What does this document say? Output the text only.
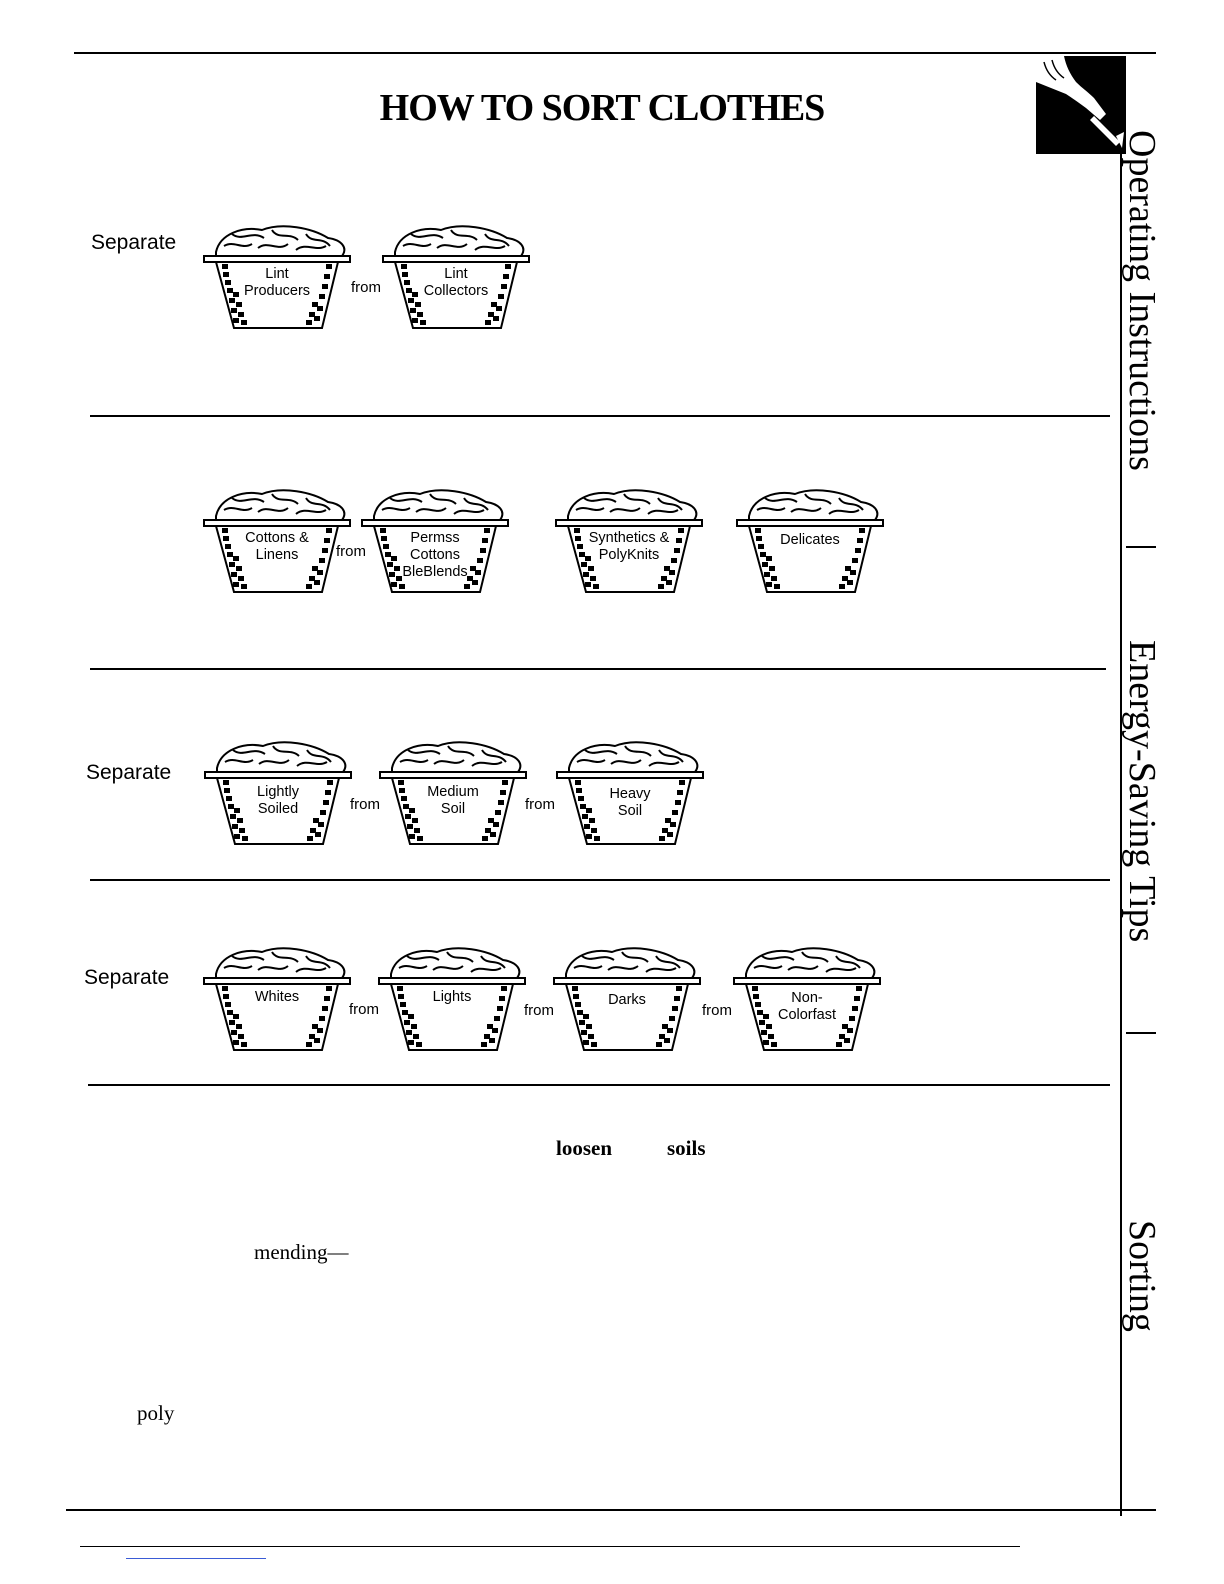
Operating Instructions
Energy-Saving Tips
Sorting
HOW TO SORT CLOTHES
Separate
Lint
Producers	from
Lint
Collectors
Cottons &
Linens	from
Permss
Cottons
BleBlends
Synthetics &
PolyKnits
Delicates
Separate
Lightly
Soiled	from
Medium
Soil	from
Heavy
Soil
Separate
Whites
from
Lights
from
Darks
from
Non-
Colorfast
loosen	soils
mending—
poly
